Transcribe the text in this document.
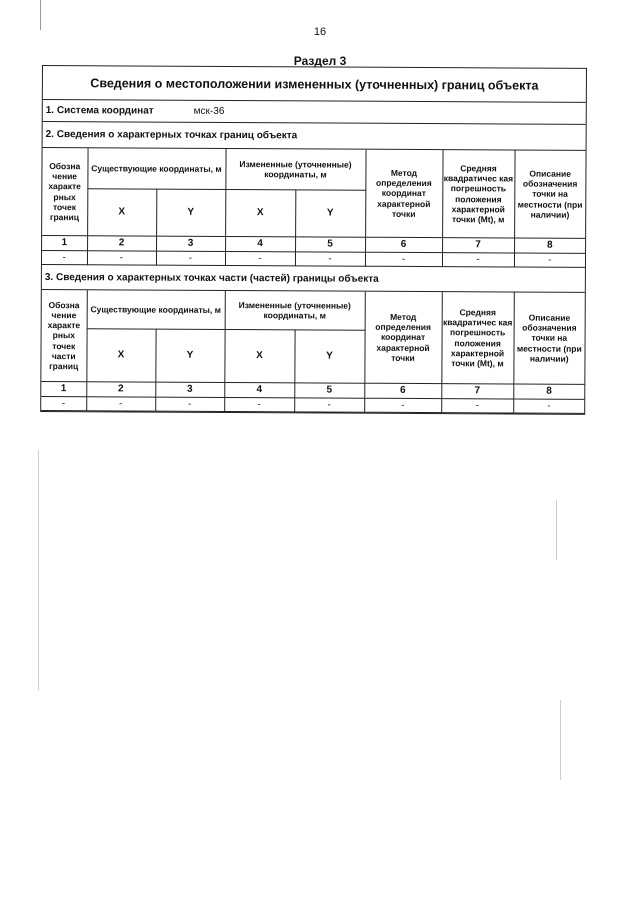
16
Раздел 3
Сведения о местоположении измененных (уточненных) границ объекта
1. Система координат	мск-36
2. Сведения о характерных точках границ объекта
Обозна чение характе рных точек границ	Существующие координаты, м		Измененные (уточненные) координаты, м		Метод определения координат характерной точки	Средняя квадратичес кая погрешность положения характерной точки (Mt), м	Описание обозначения точки на местности (при наличии)
	X	Y	X	Y			
1	2	3	4	5	6	7	8
-	-	-	-	-	-	-	-
3. Сведения о характерных точках части (частей) границы объекта
Обозна чение характе рных точек части границ	Существующие координаты, м		Измененные (уточненные) координаты, м		Метод определения координат характерной точки	Средняя квадратичес кая погрешность положения характерной точки (Mt), м	Описание обозначения точки на местности (при наличии)
	X	Y	X	Y			
1	2	3	4	5	6	7	8
-	-	-	-	-	-	-	-
